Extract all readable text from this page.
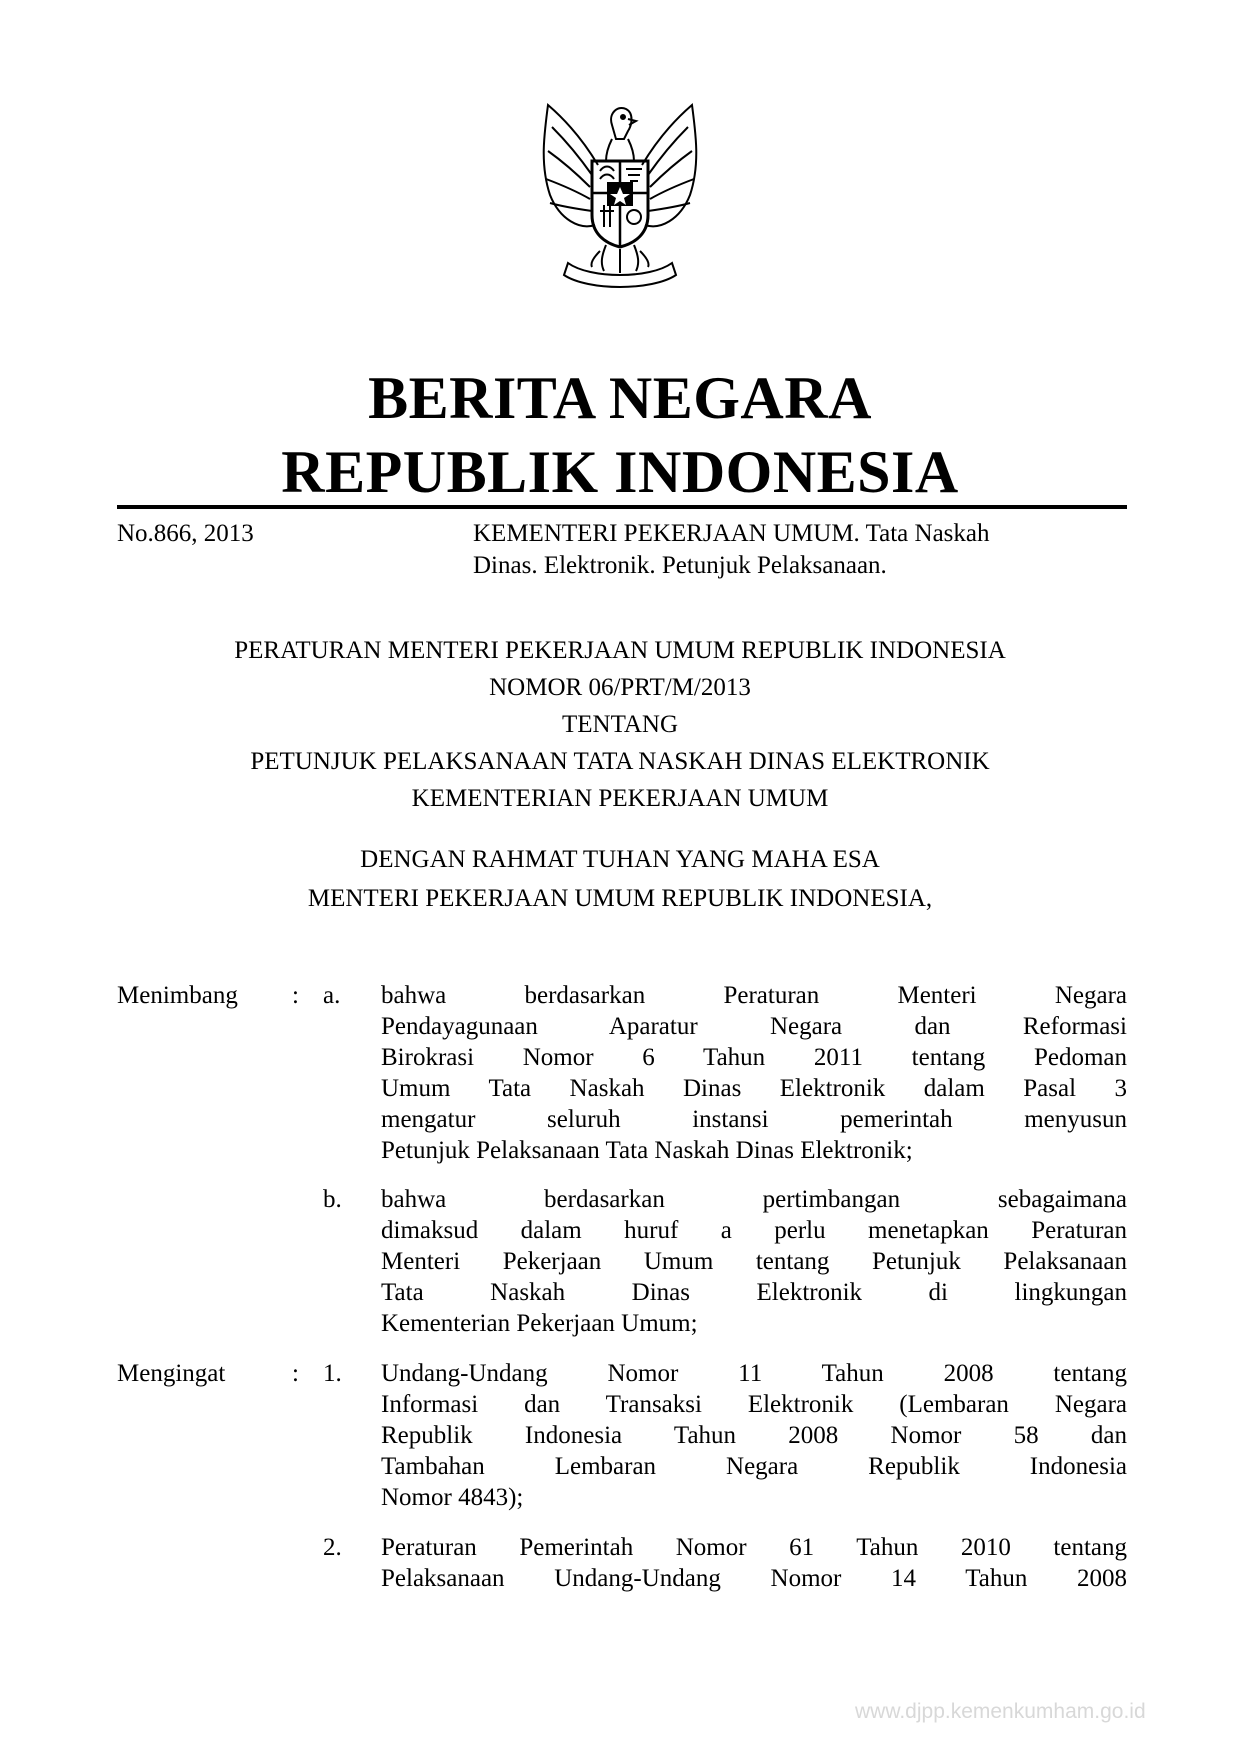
BERITA NEGARA
REPUBLIK INDONESIA
No.866, 2013	KEMENTERI PEKERJAAN UMUM. Tata Naskah
Dinas. Elektronik. Petunjuk Pelaksanaan.
PERATURAN MENTERI PEKERJAAN UMUM REPUBLIK INDONESIA
NOMOR 06/PRT/M/2013
TENTANG
PETUNJUK PELAKSANAAN TATA NASKAH DINAS ELEKTRONIK
KEMENTERIAN PEKERJAAN UMUM
DENGAN RAHMAT TUHAN YANG MAHA ESA
MENTERI PEKERJAAN UMUM REPUBLIK INDONESIA,
Menimbang : a. bahwa berdasarkan Peraturan Menteri Negara
Pendayagunaan Aparatur Negara dan Reformasi
Birokrasi Nomor 6 Tahun 2011 tentang Pedoman
Umum Tata Naskah Dinas Elektronik dalam Pasal 3
mengatur seluruh instansi pemerintah menyusun
Petunjuk Pelaksanaan Tata Naskah Dinas Elektronik;
b. bahwa berdasarkan pertimbangan sebagaimana
dimaksud dalam huruf a perlu menetapkan Peraturan
Menteri Pekerjaan Umum tentang Petunjuk Pelaksanaan
Tata Naskah Dinas Elektronik di lingkungan
Kementerian Pekerjaan Umum;
Mengingat	: 1. Undang-Undang Nomor 11 Tahun 2008 tentang
Informasi dan Transaksi Elektronik (Lembaran Negara
Republik Indonesia Tahun 2008 Nomor 58 dan
Tambahan Lembaran Negara Republik Indonesia
Nomor 4843);
2. Peraturan Pemerintah Nomor 61 Tahun 2010 tentang
Pelaksanaan Undang-Undang Nomor 14 Tahun 2008
www.djpp.kemenkumham.go.id
